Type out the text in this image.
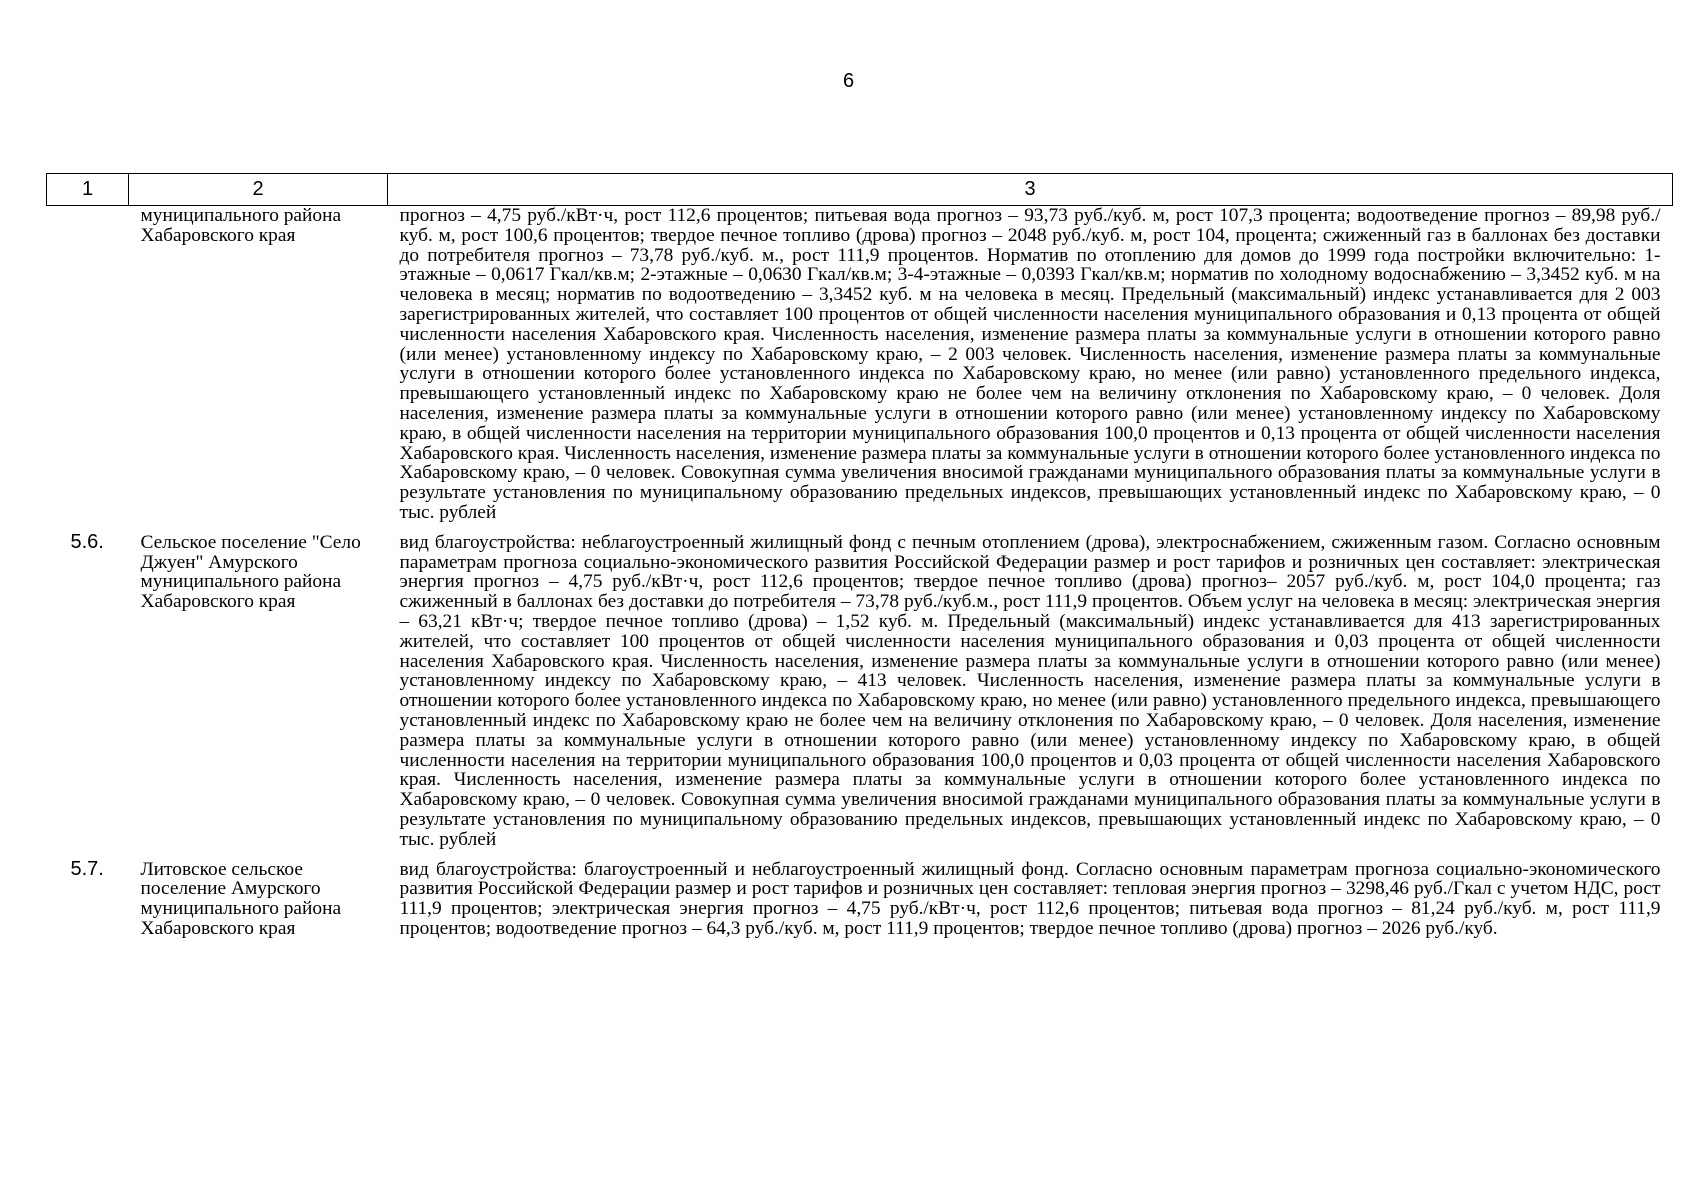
6
1	2	3
	муниципального района Хабаровского края	прогноз – 4,75 руб./кВт·ч, рост 112,6 процентов; питьевая вода прогноз – 93,73 руб./куб. м, рост 107,3 процента; водоотведение прогноз – 89,98 руб./куб. м, рост 100,6 процентов; твердое печное топливо (дрова) прогноз – 2048 руб./куб. м, рост 104, процента; сжиженный газ в баллонах без доставки до потребителя прогноз – 73,78 руб./куб. м., рост 111,9 процентов. Норматив по отоплению для домов до 1999 года постройки включительно: 1-этажные – 0,0617 Гкал/кв.м; 2-этажные – 0,0630 Гкал/кв.м; 3-4-этажные – 0,0393 Гкал/кв.м; норматив по холодному водоснабжению – 3,3452 куб. м на человека в месяц; норматив по водоотведению – 3,3452 куб. м на человека в месяц. Предельный (максимальный) индекс устанавливается для 2 003 зарегистрированных жителей, что составляет 100 процентов от общей численности населения муниципального образования и 0,13 процента от общей численности населения Хабаровского края. Численность населения, изменение размера платы за коммунальные услуги в отношении которого равно (или менее) установленному индексу по Хабаровскому краю, – 2 003 человек. Численность населения, изменение размера платы за коммунальные услуги в отношении которого более установленного индекса по Хабаровскому краю, но менее (или равно) установленного предельного индекса, превышающего установленный индекс по Хабаровскому краю не более чем на величину отклонения по Хабаровскому краю, – 0 человек. Доля населения, изменение размера платы за коммунальные услуги в отношении которого равно (или менее) установленному индексу по Хабаровскому краю, в общей численности населения на территории муниципального образования 100,0 процентов и 0,13 процента от общей численности населения Хабаровского края. Численность населения, изменение размера платы за коммунальные услуги в отношении которого более установленного индекса по Хабаровскому краю, – 0 человек. Совокупная сумма увеличения вносимой гражданами муниципального образования платы за коммунальные услуги в результате установления по муниципальному образованию предельных индексов, превышающих установленный индекс по Хабаровскому краю, – 0 тыс. рублей
5.6.	Сельское поселение "Село Джуен" Амурского муниципального района Хабаровского края	вид благоустройства: неблагоустроенный жилищный фонд с печным отоплением (дрова), электроснабжением, сжиженным газом. Согласно основным параметрам прогноза социально-экономического развития Российской Федерации размер и рост тарифов и розничных цен составляет: электрическая энергия прогноз – 4,75 руб./кВт·ч, рост 112,6 процентов; твердое печное топливо (дрова) прогноз– 2057 руб./куб. м, рост 104,0 процента; газ сжиженный в баллонах без доставки до потребителя – 73,78 руб./куб.м., рост 111,9 процентов. Объем услуг на человека в месяц: электрическая энергия – 63,21 кВт·ч; твердое печное топливо (дрова) – 1,52 куб. м. Предельный (максимальный) индекс устанавливается для 413 зарегистрированных жителей, что составляет 100 процентов от общей численности населения муниципального образования и 0,03 процента от общей численности населения Хабаровского края. Численность населения, изменение размера платы за коммунальные услуги в отношении которого равно (или менее) установленному индексу по Хабаровскому краю, – 413 человек. Численность населения, изменение размера платы за коммунальные услуги в отношении которого более установленного индекса по Хабаровскому краю, но менее (или равно) установленного предельного индекса, превышающего установленный индекс по Хабаровскому краю не более чем на величину отклонения по Хабаровскому краю, – 0 человек. Доля населения, изменение размера платы за коммунальные услуги в отношении которого равно (или менее) установленному индексу по Хабаровскому краю, в общей численности населения на территории муниципального образования 100,0 процентов и 0,03 процента от общей численности населения Хабаровского края. Численность населения, изменение размера платы за коммунальные услуги в отношении которого более установленного индекса по Хабаровскому краю, – 0 человек. Совокупная сумма увеличения вносимой гражданами муниципального образования платы за коммунальные услуги в результате установления по муниципальному образованию предельных индексов, превышающих установленный индекс по Хабаровскому краю, – 0 тыс. рублей
5.7.	Литовское сельское поселение Амурского муниципального района Хабаровского края	вид благоустройства: благоустроенный и неблагоустроенный жилищный фонд. Согласно основным параметрам прогноза социально-экономического развития Российской Федерации размер и рост тарифов и розничных цен составляет: тепловая энергия прогноз – 3298,46 руб./Гкал с учетом НДС, рост 111,9 процентов; электрическая энергия прогноз – 4,75 руб./кВт·ч, рост 112,6 процентов; питьевая вода прогноз – 81,24 руб./куб. м, рост 111,9 процентов; водоотведение прогноз – 64,3 руб./куб. м, рост 111,9 процентов; твердое печное топливо (дрова) прогноз – 2026 руб./куб.
